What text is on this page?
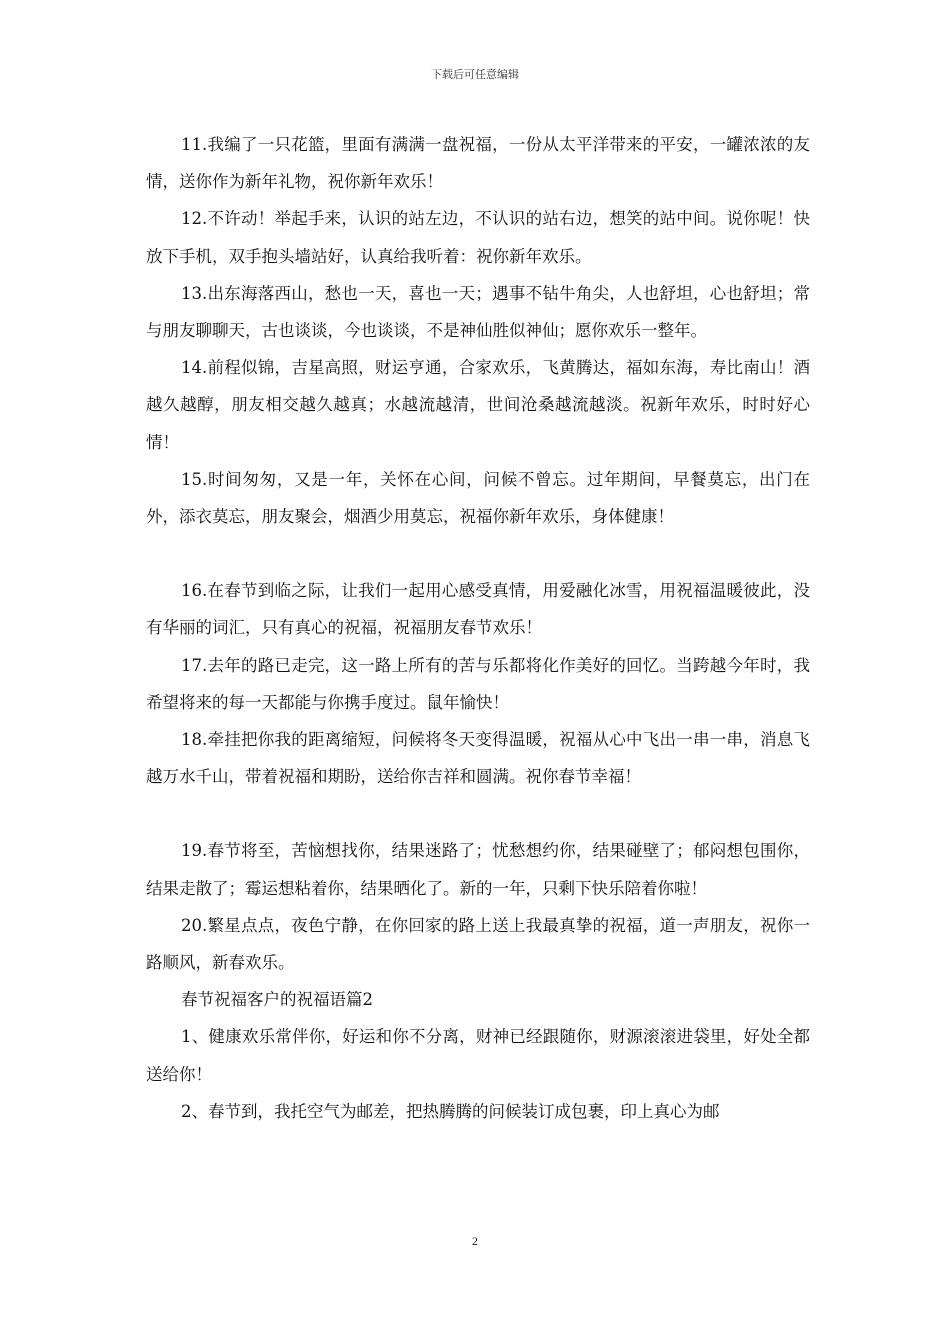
下载后可任意编辑

11.我编了一只花篮，里面有满满一盘祝福，一份从太平洋带来的平安，一罐浓浓的友情，送你作为新年礼物，祝你新年欢乐！

12.不许动！举起手来，认识的站左边，不认识的站右边，想笑的站中间。说你呢！快放下手机，双手抱头墙站好，认真给我听着：祝你新年欢乐。

13.出东海落西山，愁也一天，喜也一天；遇事不钻牛角尖，人也舒坦，心也舒坦；常与朋友聊聊天，古也谈谈，今也谈谈，不是神仙胜似神仙；愿你欢乐一整年。

14.前程似锦，吉星高照，财运亨通，合家欢乐，飞黄腾达，福如东海，寿比南山！酒越久越醇，朋友相交越久越真；水越流越清，世间沧桑越流越淡。祝新年欢乐，时时好心情！

15.时间匆匆，又是一年，关怀在心间，问候不曾忘。过年期间，早餐莫忘，出门在外，添衣莫忘，朋友聚会，烟酒少用莫忘，祝福你新年欢乐，身体健康！

16.在春节到临之际，让我们一起用心感受真情，用爱融化冰雪，用祝福温暖彼此，没有华丽的词汇，只有真心的祝福，祝福朋友春节欢乐！

17.去年的路已走完，这一路上所有的苦与乐都将化作美好的回忆。当跨越今年时，我希望将来的每一天都能与你携手度过。鼠年愉快！

18.牵挂把你我的距离缩短，问候将冬天变得温暖，祝福从心中飞出一串一串，消息飞越万水千山，带着祝福和期盼，送给你吉祥和圆满。祝你春节幸福！

19.春节将至，苦恼想找你，结果迷路了；忧愁想约你，结果碰壁了；郁闷想包围你，结果走散了；霉运想粘着你，结果晒化了。新的一年，只剩下快乐陪着你啦！

20.繁星点点，夜色宁静，在你回家的路上送上我最真挚的祝福，道一声朋友，祝你一路顺风，新春欢乐。

春节祝福客户的祝福语篇2

1、健康欢乐常伴你，好运和你不分离，财神已经跟随你，财源滚滚进袋里，好处全都送给你！

2、春节到，我托空气为邮差，把热腾腾的问候装订成包裹，印上真心为邮

2
